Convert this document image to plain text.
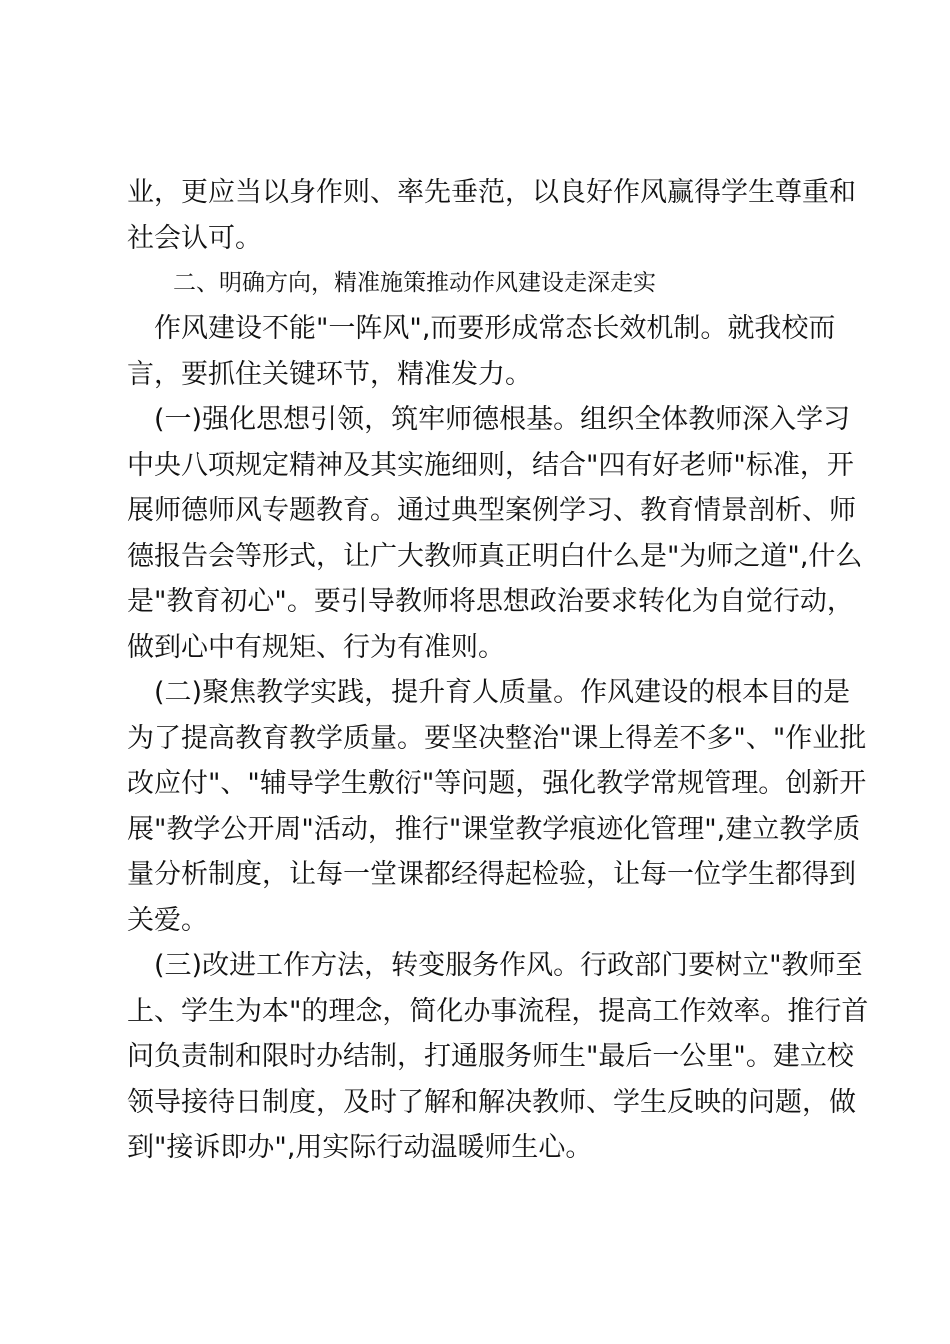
业，更应当以身作则、率先垂范，以良好作风赢得学生尊重和
社会认可。
　　二、明确方向，精准施策推动作风建设走深走实
　作风建设不能"一阵风",而要形成常态长效机制。就我校而
言，要抓住关键环节，精准发力。
　(一)强化思想引领，筑牢师德根基。组织全体教师深入学习
中央八项规定精神及其实施细则，结合"四有好老师"标准，开
展师德师风专题教育。通过典型案例学习、教育情景剖析、师
德报告会等形式，让广大教师真正明白什么是"为师之道",什么
是"教育初心"。要引导教师将思想政治要求转化为自觉行动，
做到心中有规矩、行为有准则。
　(二)聚焦教学实践，提升育人质量。作风建设的根本目的是
为了提高教育教学质量。要坚决整治"课上得差不多"、"作业批
改应付"、"辅导学生敷衍"等问题，强化教学常规管理。创新开
展"教学公开周"活动，推行"课堂教学痕迹化管理",建立教学质
量分析制度，让每一堂课都经得起检验，让每一位学生都得到
关爱。
　(三)改进工作方法，转变服务作风。行政部门要树立"教师至
上、学生为本"的理念，简化办事流程，提高工作效率。推行首
问负责制和限时办结制，打通服务师生"最后一公里"。建立校
领导接待日制度，及时了解和解决教师、学生反映的问题，做
到"接诉即办",用实际行动温暖师生心。
